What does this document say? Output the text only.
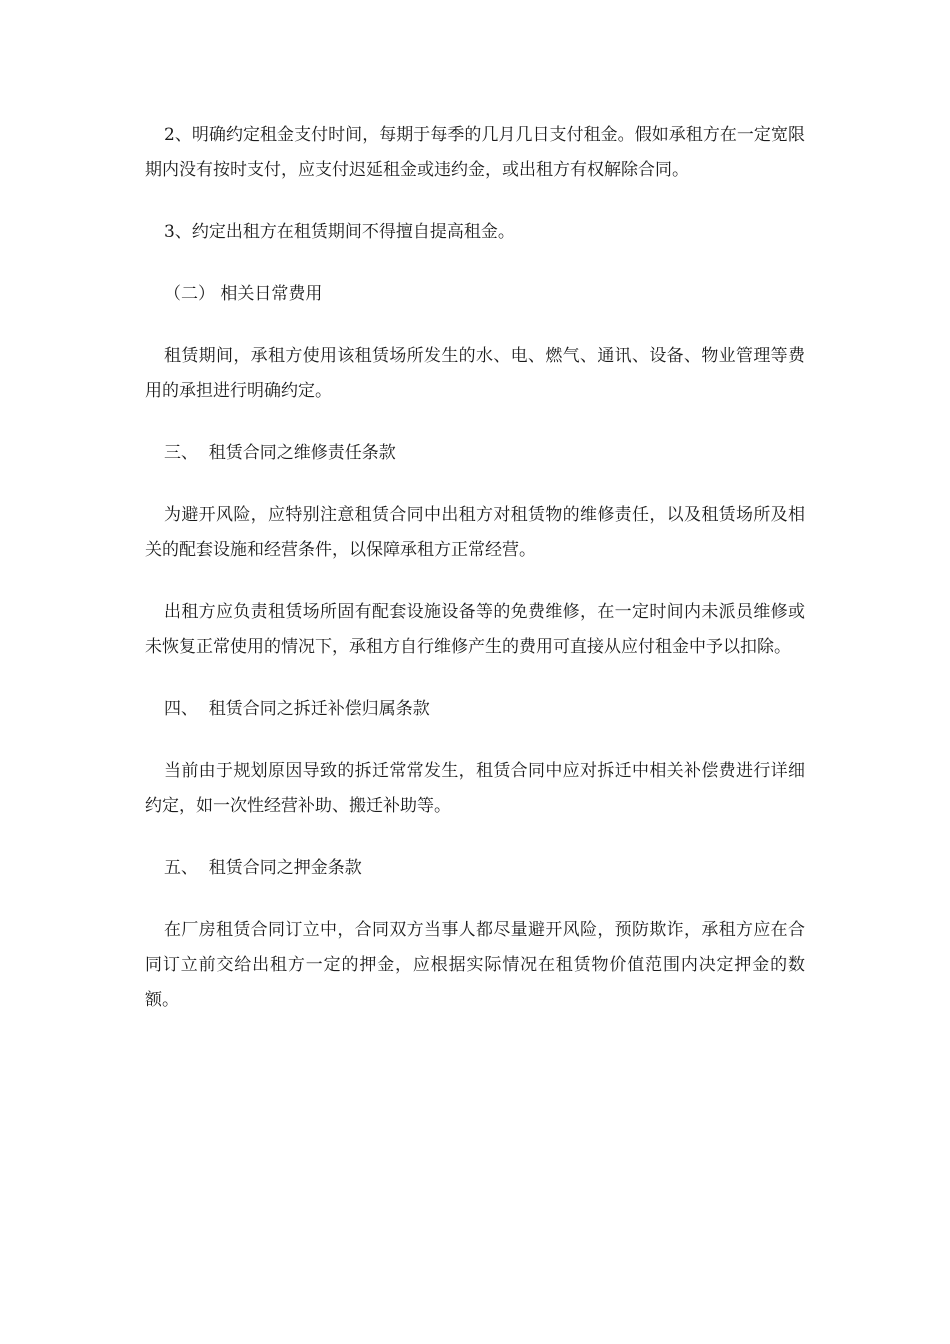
2、明确约定租金支付时间，每期于每季的几月几日支付租金。假如承租方在一定宽限期内没有按时支付，应支付迟延租金或违约金，或出租方有权解除合同。

3、约定出租方在租赁期间不得擅自提高租金。

（二） 相关日常费用

租赁期间，承租方使用该租赁场所发生的水、电、燃气、通讯、设备、物业管理等费用的承担进行明确约定。

三、  租赁合同之维修责任条款

为避开风险，应特别注意租赁合同中出租方对租赁物的维修责任，以及租赁场所及相关的配套设施和经营条件，以保障承租方正常经营。

出租方应负责租赁场所固有配套设施设备等的免费维修，在一定时间内未派员维修或未恢复正常使用的情况下，承租方自行维修产生的费用可直接从应付租金中予以扣除。

四、  租赁合同之拆迁补偿归属条款

当前由于规划原因导致的拆迁常常发生，租赁合同中应对拆迁中相关补偿费进行详细约定，如一次性经营补助、搬迁补助等。

五、  租赁合同之押金条款

在厂房租赁合同订立中，合同双方当事人都尽量避开风险，预防欺诈，承租方应在合同订立前交给出租方一定的押金，应根据实际情况在租赁物价值范围内决定押金的数额。
